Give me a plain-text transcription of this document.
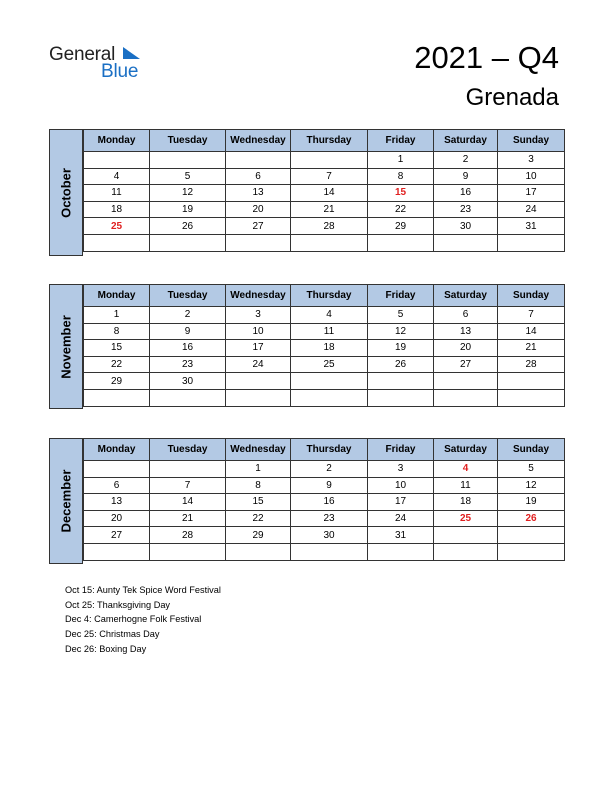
General
Blue	2021 – Q4
Grenada
October
Monday	Tuesday	Wednesday	Thursday	Friday	Saturday	Sunday
				1	2	3
4	5	6	7	8	9	10
11	12	13	14	15	16	17
18	19	20	21	22	23	24
25	26	27	28	29	30	31

November
Monday	Tuesday	Wednesday	Thursday	Friday	Saturday	Sunday
1	2	3	4	5	6	7
8	9	10	11	12	13	14
15	16	17	18	19	20	21
22	23	24	25	26	27	28
29	30					

December
Monday	Tuesday	Wednesday	Thursday	Friday	Saturday	Sunday
		1	2	3	4	5
6	7	8	9	10	11	12
13	14	15	16	17	18	19
20	21	22	23	24	25	26
27	28	29	30	31		

Oct 15: Aunty Tek Spice Word Festival
Oct 25: Thanksgiving Day
Dec 4: Camerhogne Folk Festival
Dec 25: Christmas Day
Dec 26: Boxing Day
